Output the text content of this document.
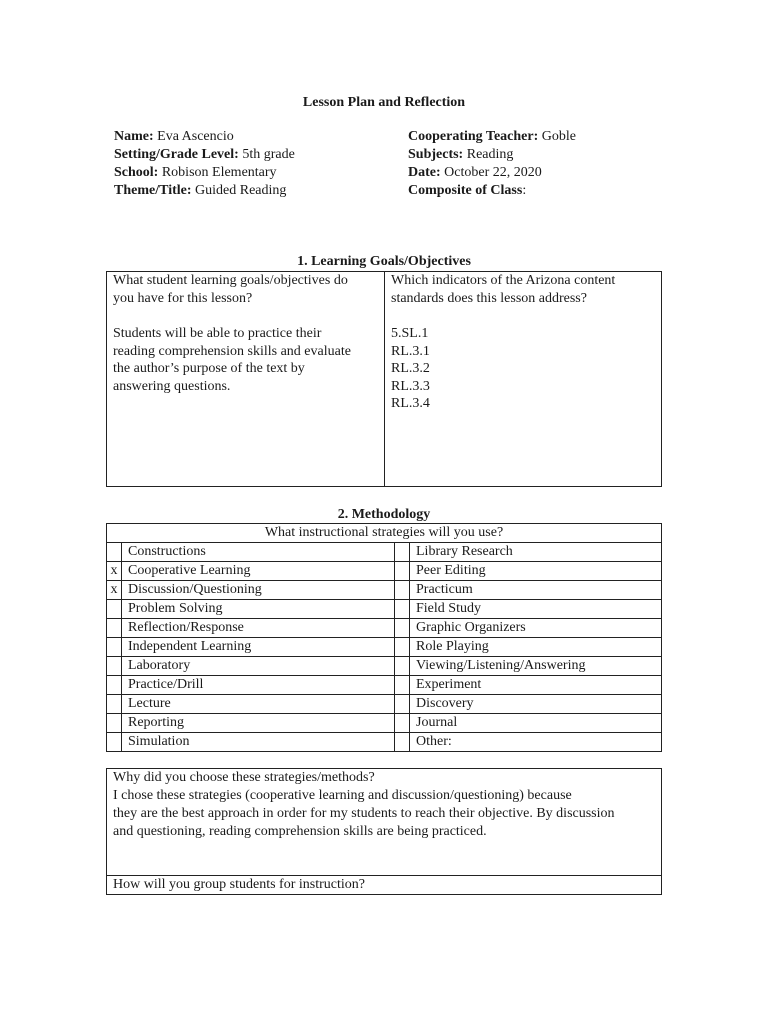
Lesson Plan and Reflection
Name: Eva Ascencio
Setting/Grade Level: 5th grade
School: Robison Elementary
Theme/Title: Guided Reading
Cooperating Teacher: Goble
Subjects: Reading
Date: October 22, 2020
Composite of Class:
1. Learning Goals/Objectives
What student learning goals/objectives do
you have for this lesson?
Students will be able to practice their
reading comprehension skills and evaluate
the author’s purpose of the text by
answering questions.

Which indicators of the Arizona content
standards does this lesson address?
5.SL.1
RL.3.1
RL.3.2
RL.3.3
RL.3.4
2. Methodology
What instructional strategies will you use?			
	Constructions		Library Research
x	Cooperative Learning		Peer Editing
x	Discussion/Questioning		Practicum
	Problem Solving		Field Study
	Reflection/Response		Graphic Organizers
	Independent Learning		Role Playing
	Laboratory		Viewing/Listening/Answering
	Practice/Drill		Experiment
	Lecture		Discovery
	Reporting		Journal
	Simulation		Other:
Why did you choose these strategies/methods?
I chose these strategies (cooperative learning and discussion/questioning) because
they are the best approach in order for my students to reach their objective. By discussion
and questioning, reading comprehension skills are being practiced.

How will you group students for instruction?
